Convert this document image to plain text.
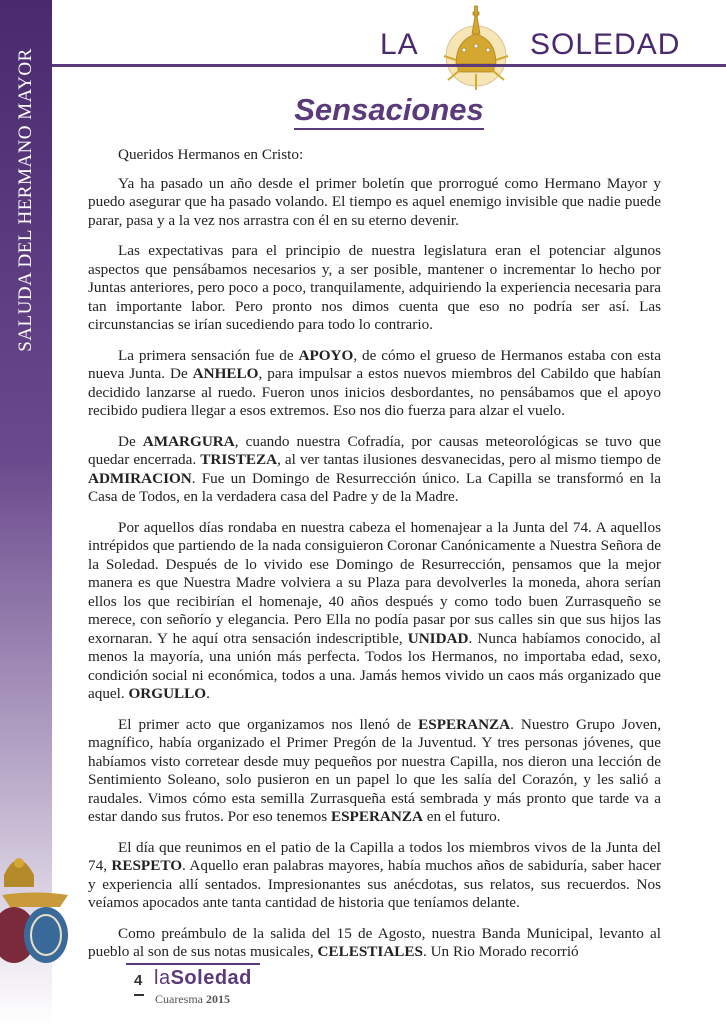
SALUDA DEL HERMANO MAYOR
LA	SOLEDAD
Sensaciones

Queridos Hermanos en Cristo:

Ya ha pasado un año desde el primer boletín que prorrogué como Hermano Mayor y puedo asegurar que ha pasado volando. El tiempo es aquel enemigo invisible que nadie puede parar, pasa y a la vez nos arrastra con él en su eterno devenir.

Las expectativas para el principio de nuestra legislatura eran el potenciar algunos aspectos que pensábamos necesarios y, a ser posible, mantener o incrementar lo hecho por Juntas anteriores, pero poco a poco, tranquilamente, adquiriendo la experiencia necesaria para tan importante labor. Pero pronto nos dimos cuenta que eso no podría ser así. Las circunstancias se irían sucediendo para todo lo contrario.

La primera sensación fue de APOYO, de cómo el grueso de Hermanos estaba con esta nueva Junta. De ANHELO, para impulsar a estos nuevos miembros del Cabildo que habían decidido lanzarse al ruedo. Fueron unos inicios desbordantes, no pensábamos que el apoyo recibido pudiera llegar a esos extremos. Eso nos dio fuerza para alzar el vuelo.

De AMARGURA, cuando nuestra Cofradía, por causas meteorológicas se tuvo que quedar encerrada. TRISTEZA, al ver tantas ilusiones desvanecidas, pero al mismo tiempo de ADMIRACION. Fue un Domingo de Resurrección único. La Capilla se transformó en la Casa de Todos, en la verdadera casa del Padre y de la Madre.

Por aquellos días rondaba en nuestra cabeza el homenajear a la Junta del 74. A aquellos intrépidos que partiendo de la nada consiguieron Coronar Canónicamente a Nuestra Señora de la Soledad. Después de lo vivido ese Domingo de Resurrección, pensamos que la mejor manera es que Nuestra Madre volviera a su Plaza para devolverles la moneda, ahora serían ellos los que recibirían el homenaje, 40 años después y como todo buen Zurrasqueño se merece, con señorío y elegancia. Pero Ella no podía pasar por sus calles sin que sus hijos las exornaran. Y he aquí otra sensación indescriptible, UNIDAD. Nunca habíamos conocido, al menos la mayoría, una unión más perfecta. Todos los Hermanos, no importaba edad, sexo, condición social ni económica, todos a una. Jamás hemos vivido un caos más organizado que aquel. ORGULLO.

El primer acto que organizamos nos llenó de ESPERANZA. Nuestro Grupo Joven, magnífico, había organizado el Primer Pregón de la Juventud. Y tres personas jóvenes, que habíamos visto corretear desde muy pequeños por nuestra Capilla, nos dieron una lección de Sentimiento Soleano, solo pusieron en un papel lo que les salía del Corazón, y les salió a raudales. Vimos cómo esta semilla Zurrasqueña está sembrada y más pronto que tarde va a estar dando sus frutos. Por eso tenemos ESPERANZA en el futuro.

El día que reunimos en el patio de la Capilla a todos los miembros vivos de la Junta del 74, RESPETO. Aquello eran palabras mayores, había muchos años de sabiduría, saber hacer y experiencia allí sentados. Impresionantes sus anécdotas, sus relatos, sus recuerdos. Nos veíamos apocados ante tanta cantidad de historia que teníamos delante.

Como preámbulo de la salida del 15 de Agosto, nuestra Banda Municipal, levanto al pueblo al son de sus notas musicales, CELESTIALES. Un Rio Morado recorrió

4 laSoledad
Cuaresma 2015
